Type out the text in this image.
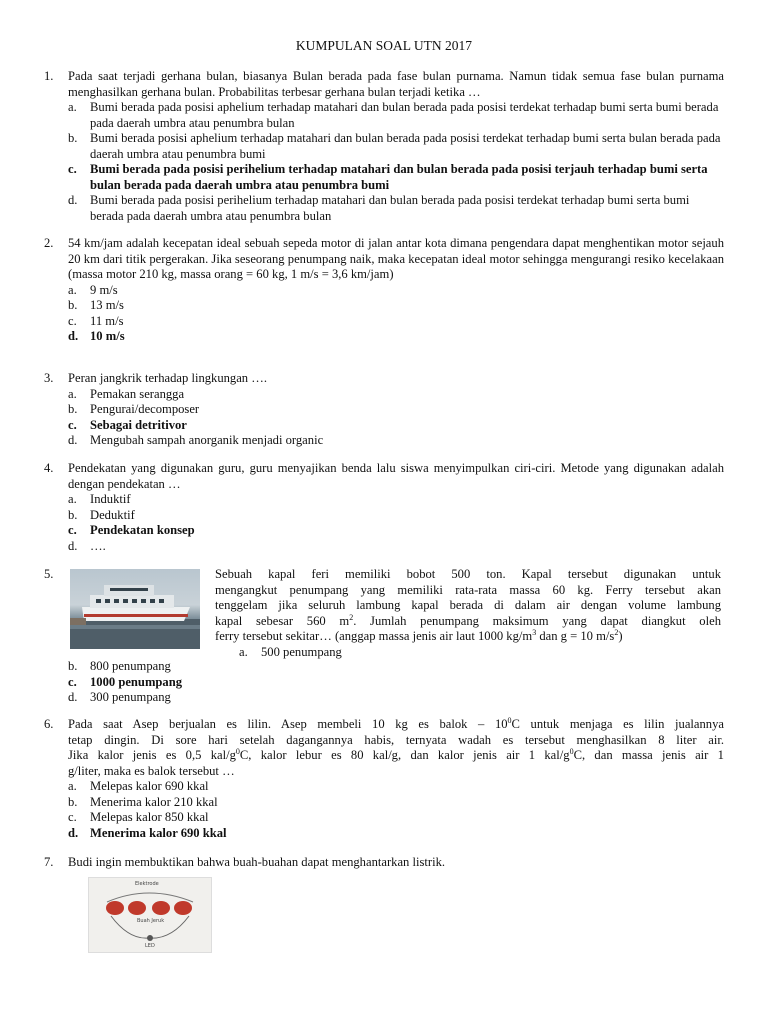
KUMPULAN SOAL UTN 2017
1. Pada saat terjadi gerhana bulan, biasanya Bulan berada pada fase bulan purnama. Namun tidak semua fase bulan purnama menghasilkan gerhana bulan. Probabilitas terbesar gerhana bulan terjadi ketika …
a. Bumi berada pada posisi aphelium terhadap matahari dan bulan berada pada posisi terdekat terhadap bumi serta bumi berada pada daerah umbra atau penumbra bulan
b. Bumi berada posisi aphelium terhadap matahari dan bulan berada pada posisi terdekat terhadap bumi serta bulan berada pada daerah umbra atau penumbra bumi
c. Bumi berada pada posisi perihelium terhadap matahari dan bulan berada pada posisi terjauh terhadap bumi serta bulan berada pada daerah umbra atau penumbra bumi
d. Bumi berada pada posisi perihelium terhadap matahari dan bulan berada pada posisi terdekat terhadap bumi serta bumi berada pada daerah umbra atau penumbra bulan
2. 54 km/jam adalah kecepatan ideal sebuah sepeda motor di jalan antar kota dimana pengendara dapat menghentikan motor sejauh 20 km dari titik pergerakan. Jika seseorang penumpang naik, maka kecepatan ideal motor sehingga mengurangi resiko kecelakaan (massa motor 210 kg, massa orang = 60 kg, 1 m/s = 3,6 km/jam)
a. 9 m/s
b. 13 m/s
c. 11 m/s
d. 10 m/s
3. Peran jangkrik terhadap lingkungan ….
a. Pemakan serangga
b. Pengurai/decomposer
c. Sebagai detritivor
d. Mengubah sampah anorganik menjadi organic
4. Pendekatan yang digunakan guru, guru menyajikan benda lalu siswa menyimpulkan ciri-ciri. Metode yang digunakan adalah dengan pendekatan …
a. Induktif
b. Deduktif
c. Pendekatan konsep
d. ….
5.	Sebuah kapal feri memiliki bobot 500 ton. Kapal tersebut digunakan untuk
mengangkut penumpang yang memiliki rata-rata massa 60 kg. Ferry tersebut akan
tenggelam jika seluruh lambung kapal berada di dalam air dengan volume lambung
kapal sebesar 560 $m^2$. Jumlah penumpang maksimum yang dapat diangkut oleh
ferry tersebut sekitar… (anggap massa jenis air laut 1000 $kg/m^3$ dan g = 10 $m/s^2$)
a. 500 penumpang
b. 800 penumpang
c. 1000 penumpang
d. 300 penumpang
6. Pada saat Asep berjualan es lilin. Asep membeli 10 kg es balok – $10^0C$ untuk menjaga es lilin jualannya
tetap dingin. Di sore hari setelah dagangannya habis, ternyata wadah es tersebut menghasilkan 8 liter air.
Jika kalor jenis es 0,5 kal/$g^0C$, kalor lebur es 80 kal/g, dan kalor jenis air 1 kal/$g^0C$, dan massa jenis air 1
g/liter, maka es balok tersebut …
a. Melepas kalor 690 kkal
b. Menerima kalor 210 kkal
c. Melepas kalor 850 kkal
d. Menerima kalor 690 kkal
7. Budi ingin membuktikan bahwa buah-buahan dapat menghantarkan listrik.
Elektrode
Buah Jeruk
LED
